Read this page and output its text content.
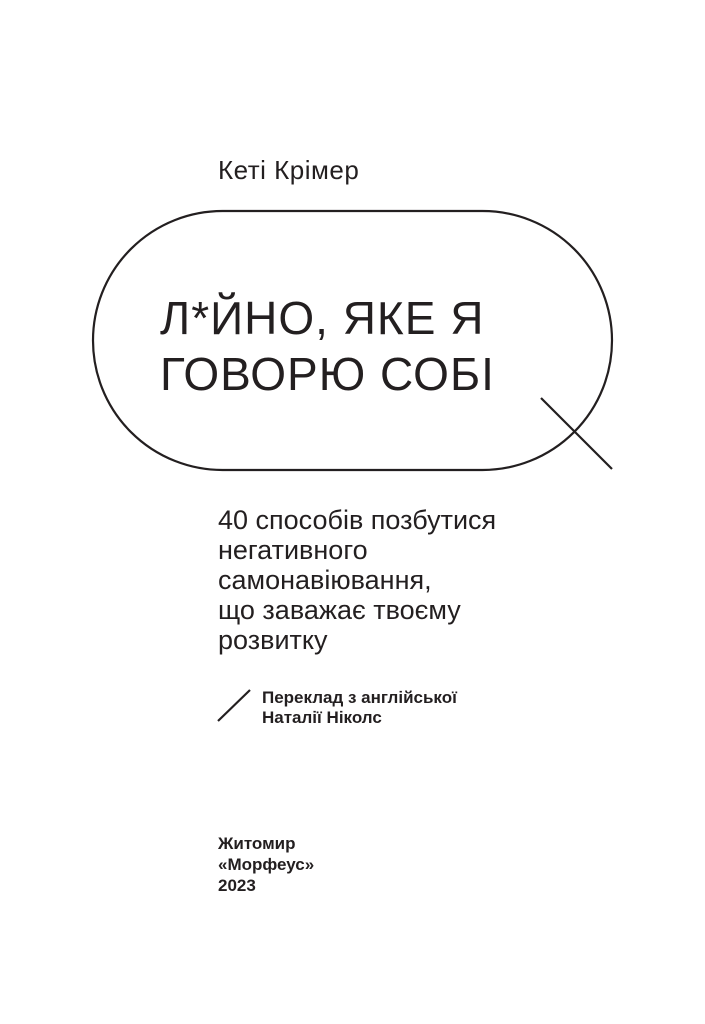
Кеті Крімер
Л*ЙНО, ЯКЕ Я
ГОВОРЮ СОБІ
40 способів позбутися
негативного
самонавіювання,
що заважає твоєму
розвитку
Переклад з англійської
Наталії Ніколс
Житомир
«Морфеус»
2023
